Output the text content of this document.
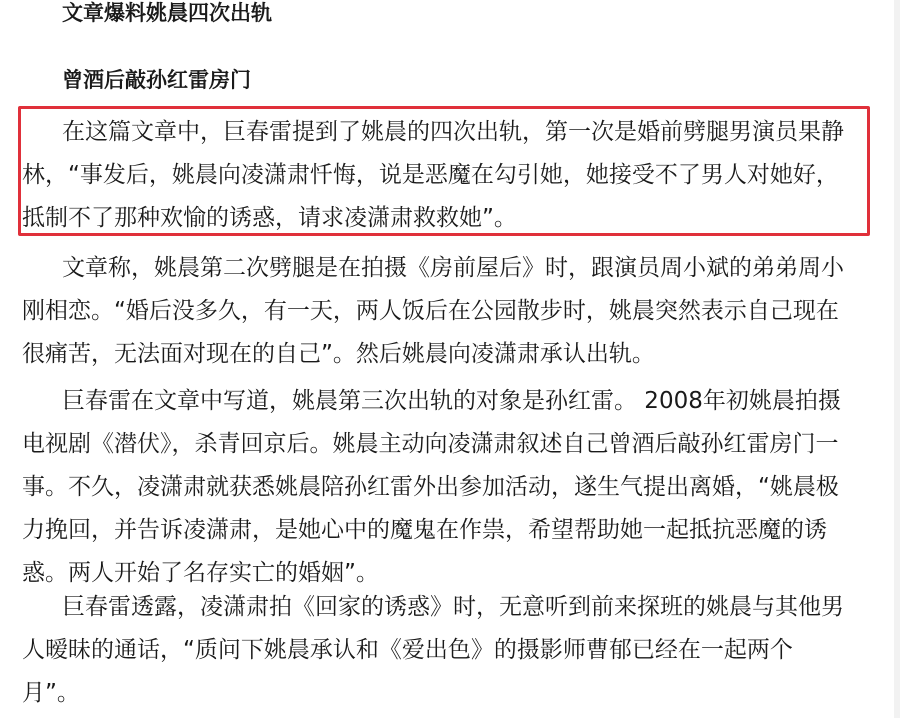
文章爆料姚晨四次出轨
曾酒后敲孙红雷房门

在这篇文章中，巨春雷提到了姚晨的四次出轨，第一次是婚前劈腿男演员果静
林，“事发后，姚晨向凌潇肃忏悔，说是恶魔在勾引她，她接受不了男人对她好，
抵制不了那种欢愉的诱惑，请求凌潇肃救救她”。

文章称，姚晨第二次劈腿是在拍摄《房前屋后》时，跟演员周小斌的弟弟周小
刚相恋。“婚后没多久，有一天，两人饭后在公园散步时，姚晨突然表示自己现在
很痛苦，无法面对现在的自己”。然后姚晨向凌潇肃承认出轨。

巨春雷在文章中写道，姚晨第三次出轨的对象是孙红雷。 2008年初姚晨拍摄
电视剧《潜伏》，杀青回京后。姚晨主动向凌潇肃叙述自己曾酒后敲孙红雷房门一
事。不久，凌潇肃就获悉姚晨陪孙红雷外出参加活动，遂生气提出离婚，“姚晨极
力挽回，并告诉凌潇肃，是她心中的魔鬼在作祟，希望帮助她一起抵抗恶魔的诱
惑。两人开始了名存实亡的婚姻”。

巨春雷透露，凌潇肃拍《回家的诱惑》时，无意听到前来探班的姚晨与其他男
人暧昧的通话，“质问下姚晨承认和《爱出色》的摄影师曹郁已经在一起两个
月”。
